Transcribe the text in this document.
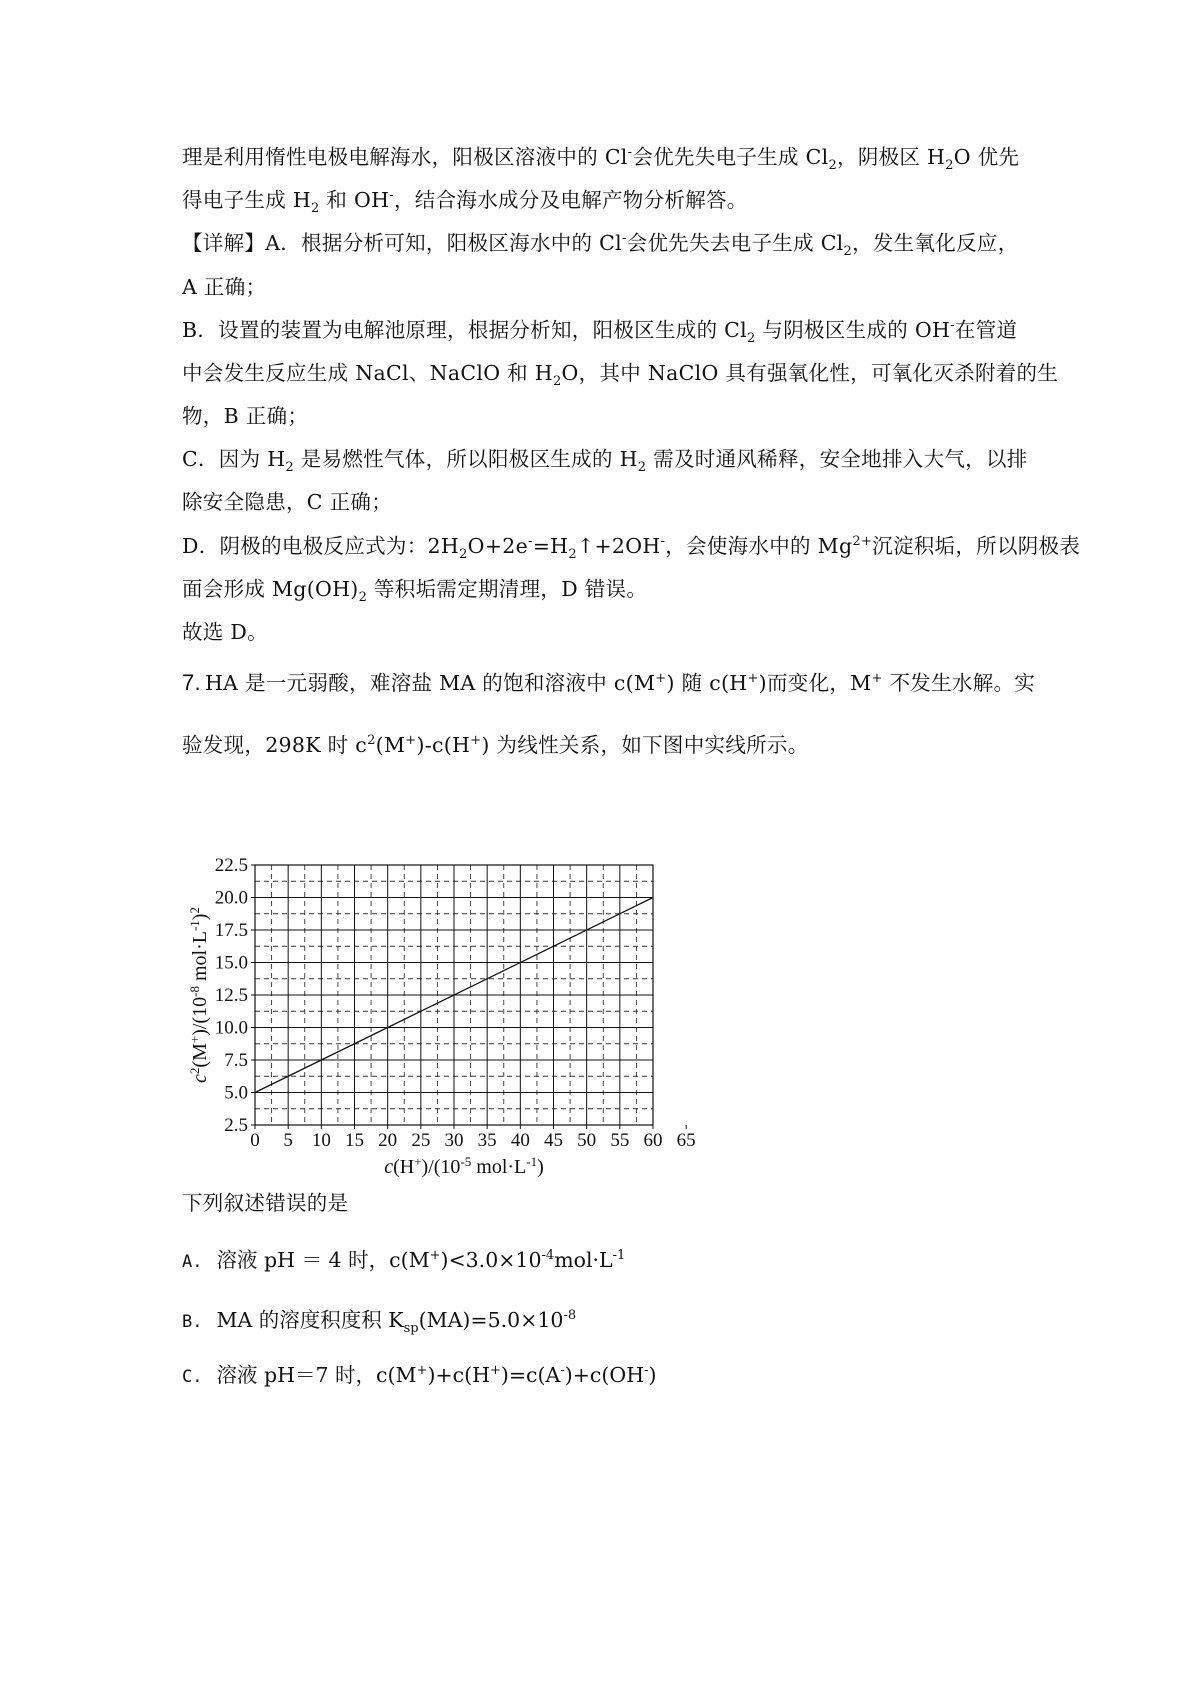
理是利用惰性电极电解海水，阳极区溶液中的 Cl-会优先失电子生成 $Cl_2$，阴极区 $H_2O$ 优先
得电子生成 $H_2$ 和 OH-，结合海水成分及电解产物分析解答。
【详解】A．根据分析可知，阳极区海水中的 Cl-会优先失去电子生成 $Cl_2$，发生氧化反应，
A 正确；
B．设置的装置为电解池原理，根据分析知，阳极区生成的 $Cl_2$ 与阴极区生成的 OH-在管道
中会发生反应生成 NaCl、NaClO 和 $H_2O$，其中 NaClO 具有强氧化性，可氧化灭杀附着的生
物，B 正确；
C．因为 $H_2$ 是易燃性气体，所以阳极区生成的 $H_2$ 需及时通风稀释，安全地排入大气，以排
除安全隐患，C 正确；
D．阴极的电极反应式为：$2H_2O+2e^-=H_2↑+2OH^-$，会使海水中的 $Mg^{2+}$沉淀积垢，所以阴极表
面会形成 $Mg(OH)_2$ 等积垢需定期清理，D 错误。
故选 D。
7. HA 是一元弱酸，难溶盐 MA 的饱和溶液中 c(M+) 随 c(H+)而变化，M+ 不发生水解。实
验发现，298K 时 $c^2(M^+)-c(H^+)$ 为线性关系，如下图中实线所示。
0 5 10 15 20 25 30 35 40 45 50 55 60 65
2.5
5.0
7.5
10.0
12.5
15.0
17.5
20.0
22.5
$c(H^+)/(10^{-5}$ $mol\cdot L^{-1}$)
$c^2(M^+)/(10^{-8}$ $mol\cdot L^{-1})^2$
下列叙述错误的是
A. 溶液 pH ＝ 4 时，$c(M^+)<3.0\times 10^{-4}mol\cdot L^{-1}$
B. MA 的溶度积度积 $K_{sp}(MA)=5.0\times 10^{-8}$
C. 溶液 pH＝7 时，c(M+)+c(H+)=c(A-)+c(OH-)
